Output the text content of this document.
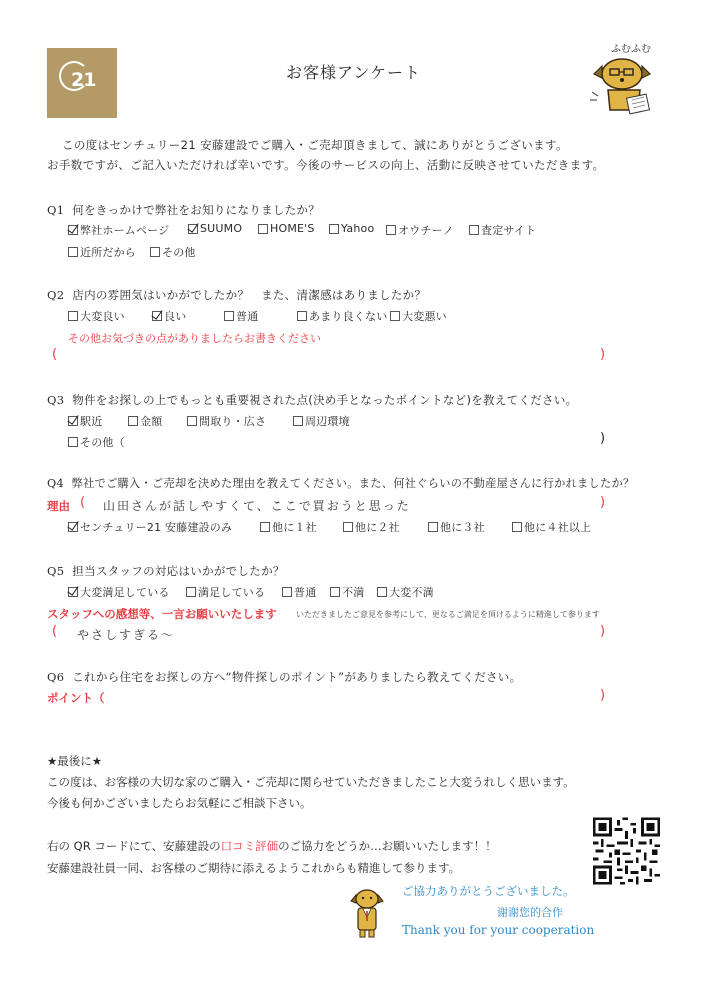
21	お客様アンケート
ふむふむ
この度はセンチュリー21 安藤建設でご購入・ご売却頂きまして、誠にありがとうございます。
お手数ですが、ご記入いただければ幸いです。今後のサービスの向上、活動に反映させていただきます。
Q1 何をきっかけで弊社をお知りになりましたか？
弊社ホームページ	SUUMO	HOME'S Yahoo オウチーノ 査定サイト
近所だから その他
Q2 店内の雰囲気はいかがでしたか？　また、清潔感はありましたか？
大変良い	良い	普通	あまり良くない 大変悪い
その他お気づきの点がありましたらお書きください
(	)
Q3 物件をお探しの上でもっとも重要視された点(決め手となったポイントなど)を教えてください。
駅近	金額	間取り・広さ	周辺環境
その他（	)
Q4 弊社でご購入・ご売却を決めた理由を教えてください。また、何社ぐらいの不動産屋さんに行かれましたか？
理由 ( 山田さんが話しやすくて、ここで買おうと思った	)
センチュリー21 安藤建設のみ	他に１社	他に２社	他に３社	他に４社以上
Q5 担当スタッフの対応はいかがでしたか？
大変満足している	満足している	普通 不満 大変不満
スタッフへの感想等、一言お願いいたします いただきましたご意見を参考にして、更なるご満足を頂けるように精進して参ります
( やさしすぎる〜	)
Q6 これから住宅をお探しの方へ“物件探しのポイント”がありましたら教えてください。
ポイント（	)
★最後に★
この度は、お客様の大切な家のご購入・ご売却に関らせていただきましたこと大変うれしく思います。
今後も何かございましたらお気軽にご相談下さい。
右の QR コードにて、安藤建設の口コミ評価のご協力をどうか…お願いいたします！！
安藤建設社員一同、お客様のご期待に添えるようこれからも精進して参ります。
ご協力ありがとうございました。
谢谢您的合作
Thank you for your cooperation
